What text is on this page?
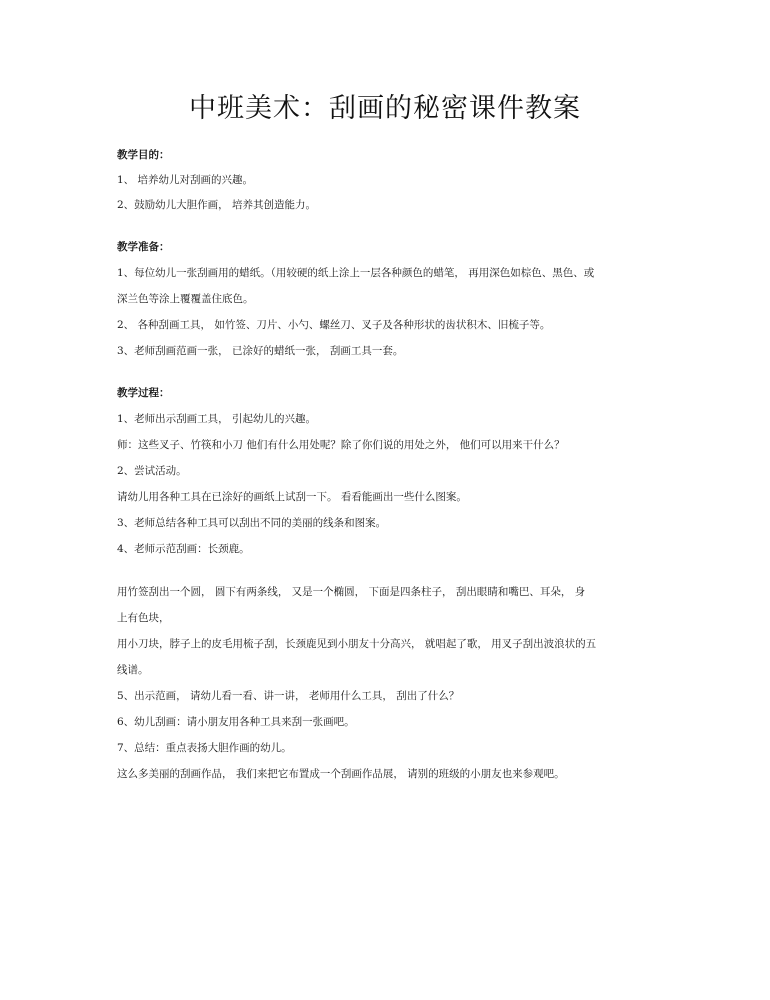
中班美术：刮画的秘密课件教案
教学目的：
1、 培养幼儿对刮画的兴趣。
2、鼓励幼儿大胆作画， 培养其创造能力。
教学准备：
1、每位幼儿一张刮画用的蜡纸。（用较硬的纸上涂上一层各种颜色的蜡笔， 再用深色如棕色、黑色、或
深兰色等涂上覆覆盖住底色。
2、 各种刮画工具， 如竹签、刀片、小勺、螺丝刀、叉子及各种形状的齿状积木、旧梳子等。
3、老师刮画范画一张， 已涂好的蜡纸一张， 刮画工具一套。
教学过程：
1、老师出示刮画工具， 引起幼儿的兴趣。
师：这些叉子、竹筷和小刀 他们有什么用处呢？除了你们说的用处之外， 他们可以用来干什么？
2、尝试活动。
请幼儿用各种工具在已涂好的画纸上试刮一下。 看看能画出一些什么图案。
3、老师总结各种工具可以刮出不同的美丽的线条和图案。
4、老师示范刮画：长颈鹿。
用竹签刮出一个圆， 圆下有两条线， 又是一个椭圆， 下面是四条柱子， 刮出眼睛和嘴巴、耳朵， 身
上有色块，
用小刀块，脖子上的皮毛用梳子刮，长颈鹿见到小朋友十分高兴， 就唱起了歌， 用叉子刮出波浪状的五
线谱。
5、出示范画， 请幼儿看一看、讲一讲， 老师用什么工具， 刮出了什么？
6、幼儿刮画：请小朋友用各种工具来刮一张画吧。
7、总结：重点表扬大胆作画的幼儿。
这么多美丽的刮画作品， 我们来把它布置成一个刮画作品展， 请别的班级的小朋友也来参观吧。
